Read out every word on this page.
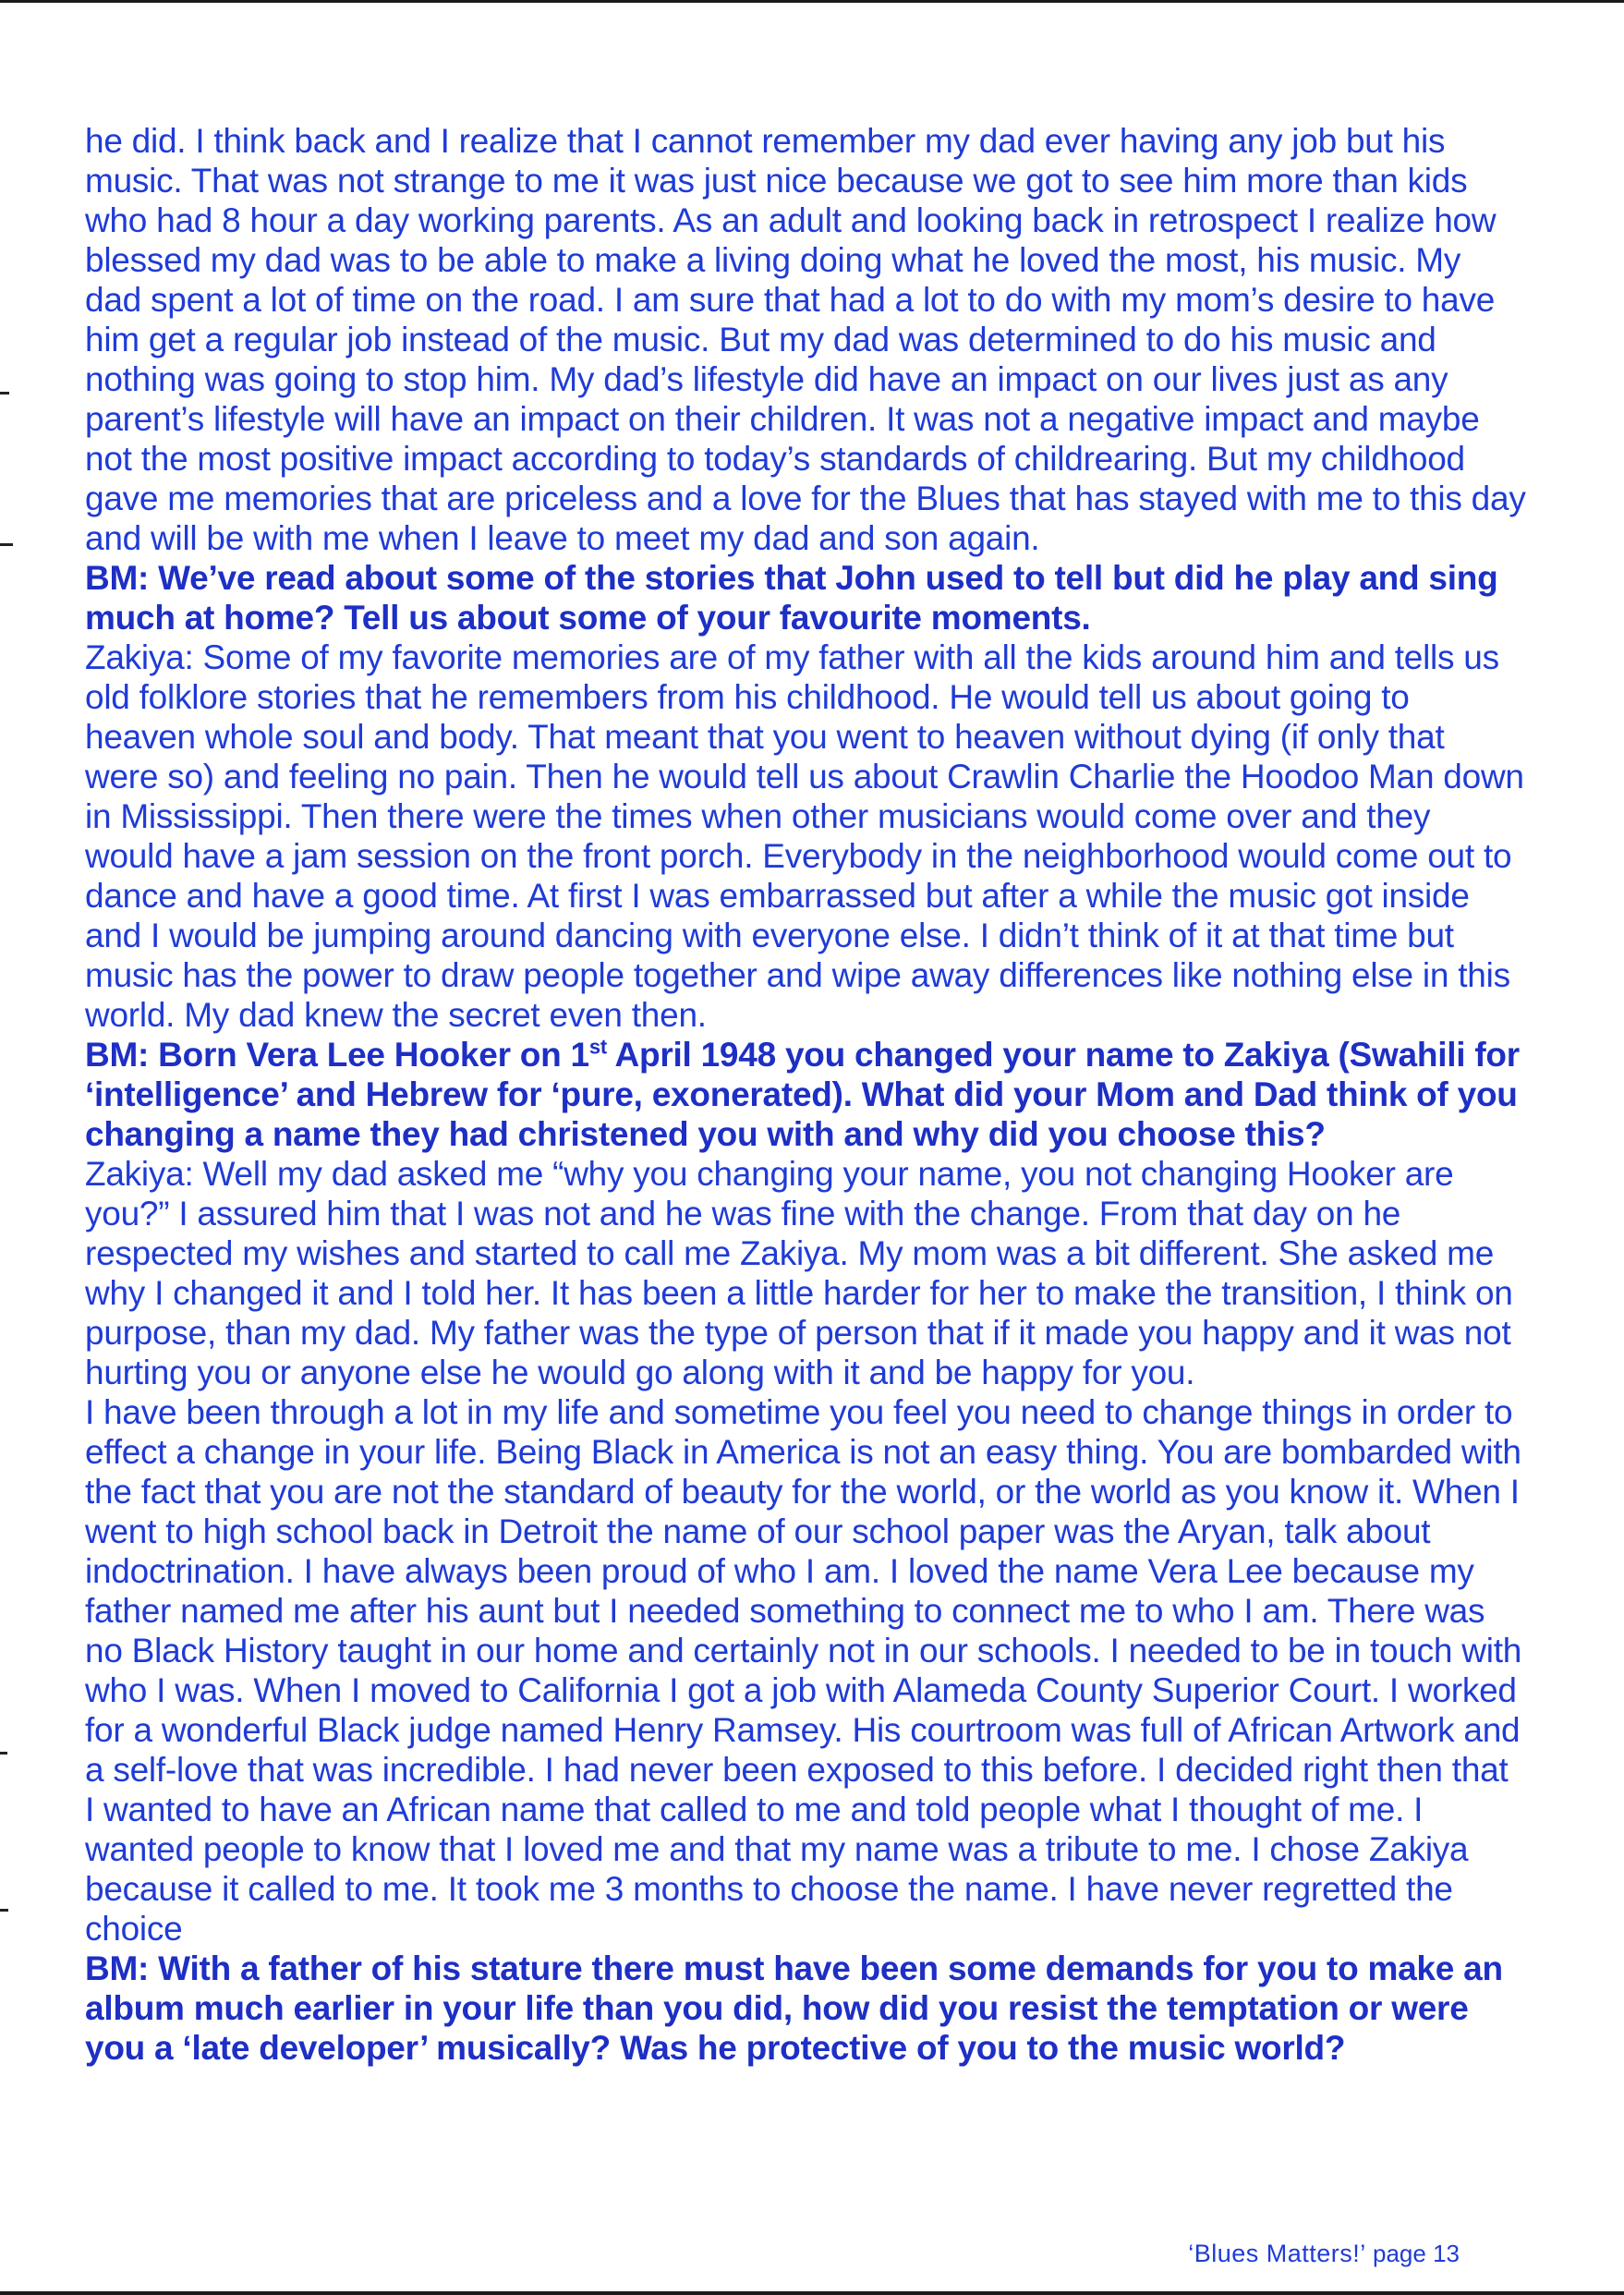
he did. I think back and I realize that I cannot remember my dad ever having any job but his music. That was not strange to me it was just nice because we got to see him more than kids who had 8 hour a day working parents. As an adult and looking back in retrospect I realize how blessed my dad was to be able to make a living doing what he loved the most, his music. My dad spent a lot of time on the road. I am sure that had a lot to do with my mom’s desire to have him get a regular job instead of the music. But my dad was determined to do his music and nothing was going to stop him. My dad’s lifestyle did have an impact on our lives just as any parent’s lifestyle will have an impact on their children. It was not a negative impact and maybe not the most positive impact according to today’s standards of childrearing. But my childhood gave me memories that are priceless and a love for the Blues that has stayed with me to this day and will be with me when I leave to meet my dad and son again.

BM: We’ve read about some of the stories that John used to tell but did he play and sing much at home? Tell us about some of your favourite moments.

Zakiya: Some of my favorite memories are of my father with all the kids around him and tells us old folklore stories that he remembers from his childhood. He would tell us about going to heaven whole soul and body. That meant that you went to heaven without dying (if only that were so) and feeling no pain. Then he would tell us about Crawlin Charlie the Hoodoo Man down in Mississippi. Then there were the times when other musicians would come over and they would have a jam session on the front porch. Everybody in the neighborhood would come out to dance and have a good time. At first I was embarrassed but after a while the music got inside and I would be jumping around dancing with everyone else. I didn’t think of it at that time but music has the power to draw people together and wipe away differences like nothing else in this world. My dad knew the secret even then.

BM: Born Vera Lee Hooker on 1st April 1948 you changed your name to Zakiya (Swahili for ‘intelligence’ and Hebrew for ‘pure, exonerated). What did your Mom and Dad think of you changing a name they had christened you with and why did you choose this?

Zakiya: Well my dad asked me “why you changing your name, you not changing Hooker are you?” I assured him that I was not and he was fine with the change. From that day on he respected my wishes and started to call me Zakiya. My mom was a bit different. She asked me why I changed it and I told her. It has been a little harder for her to make the transition, I think on purpose, than my dad. My father was the type of person that if it made you happy and it was not hurting you or anyone else he would go along with it and be happy for you.

I have been through a lot in my life and sometime you feel you need to change things in order to effect a change in your life. Being Black in America is not an easy thing. You are bombarded with the fact that you are not the standard of beauty for the world, or the world as you know it. When I went to high school back in Detroit the name of our school paper was the Aryan, talk about indoctrination. I have always been proud of who I am. I loved the name Vera Lee because my father named me after his aunt but I needed something to connect me to who I am. There was no Black History taught in our home and certainly not in our schools. I needed to be in touch with who I was. When I moved to California I got a job with Alameda County Superior Court. I worked for a wonderful Black judge named Henry Ramsey. His courtroom was full of African Artwork and a self-love that was incredible. I had never been exposed to this before. I decided right then that I wanted to have an African name that called to me and told people what I thought of me. I wanted people to know that I loved me and that my name was a tribute to me. I chose Zakiya because it called to me. It took me 3 months to choose the name. I have never regretted the choice

BM: With a father of his stature there must have been some demands for you to make an album much earlier in your life than you did, how did you resist the temptation or were you a ‘late developer’ musically? Was he protective of you to the music world?

‘Blues Matters!’ page 13
